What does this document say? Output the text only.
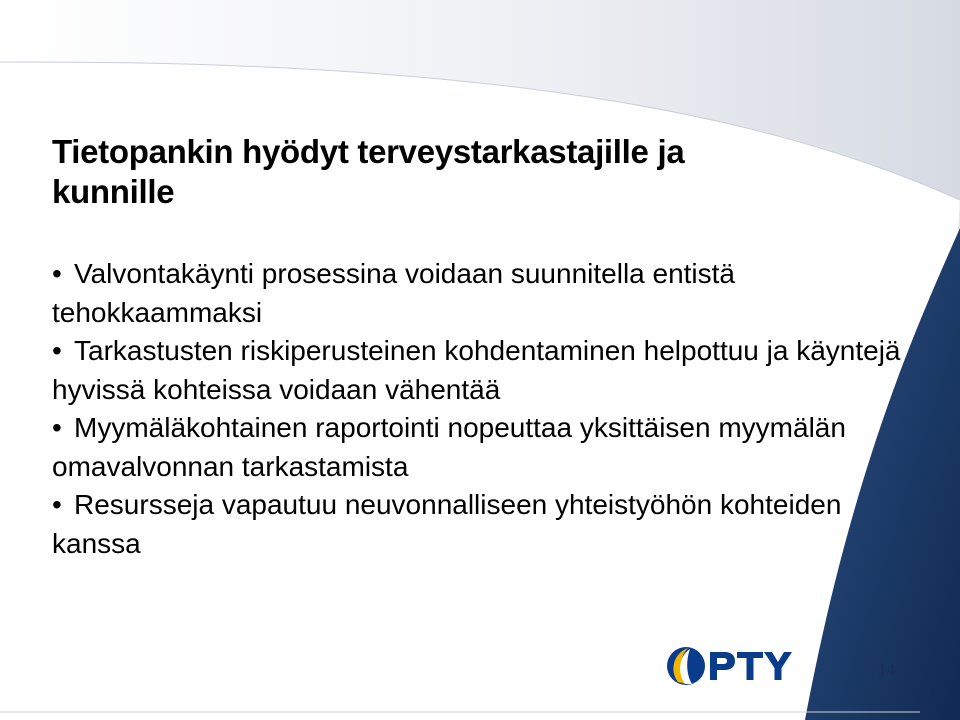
Tietopankin hyödyt terveystarkastajille ja kunnille
• Valvontakäynti prosessina voidaan suunnitella entistä tehokkaammaksi
• Tarkastusten riskiperusteinen kohdentaminen helpottuu ja käyntejä hyvissä kohteissa voidaan vähentää
• Myymäläkohtainen raportointi nopeuttaa yksittäisen myymälän omavalvonnan tarkastamista
• Resursseja vapautuu neuvonnalliseen yhteistyöhön kohteiden kanssa
14
